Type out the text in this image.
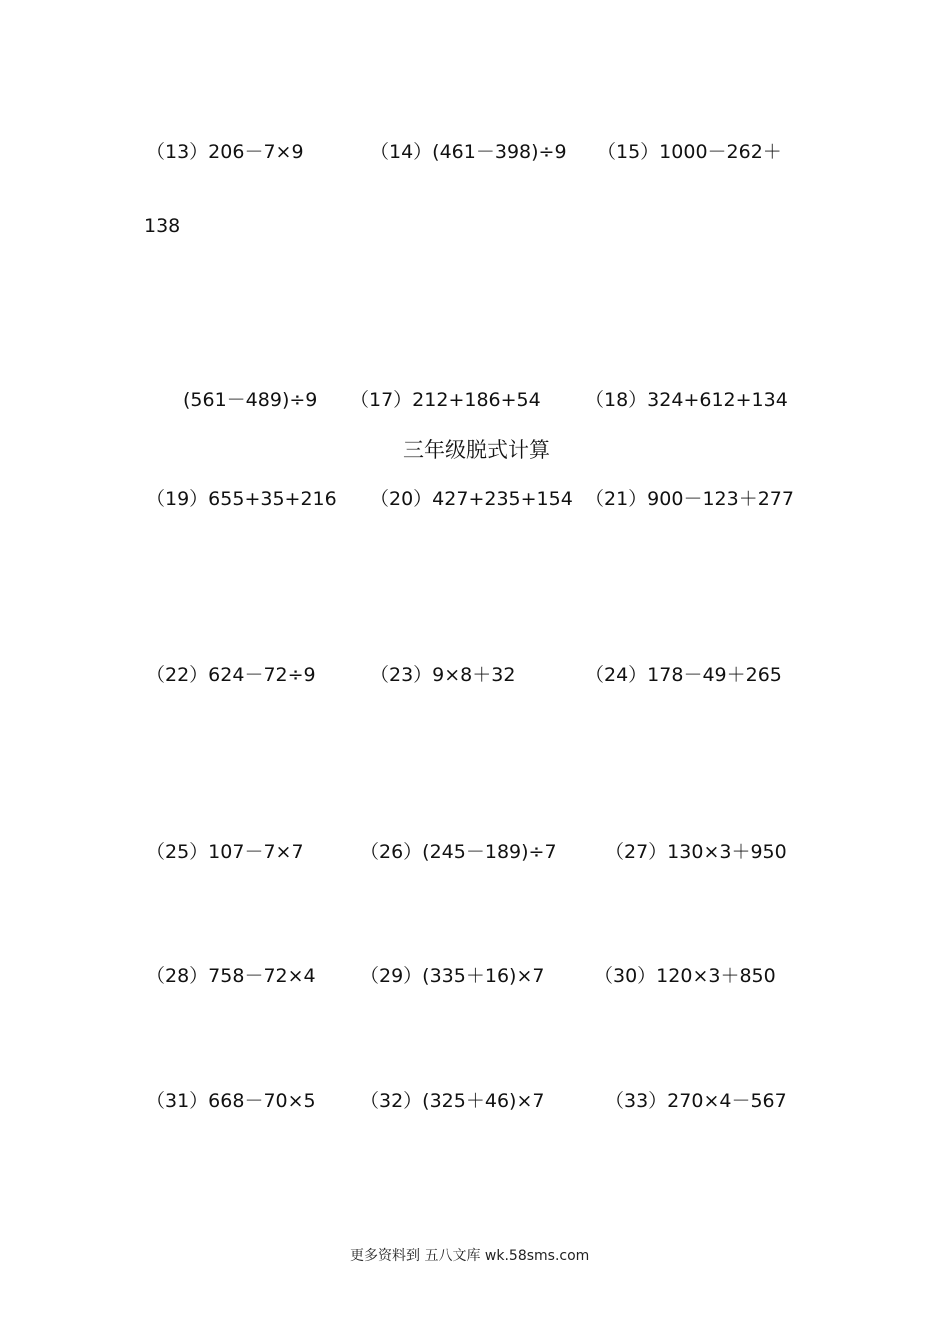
（13）206－7×9	（14）(461－398)÷9 （15）1000－262＋
138
(561－489)÷9 （17）212+186+54 （18）324+612+134
三年级脱式计算
（19）655+35+216 （20）427+235+154 （21）900－123＋277
（22）624－72÷9	（23）9×8＋32	（24）178－49＋265
（25）107－7×7	（26）(245－189)÷7	（27）130×3＋950
（28）758－72×4 （29）(335＋16)×7	（30）120×3＋850
（31）668－70×5 （32）(325＋46)×7	（33）270×4－567
更多资料到 五八文库 wk.58sms.com
